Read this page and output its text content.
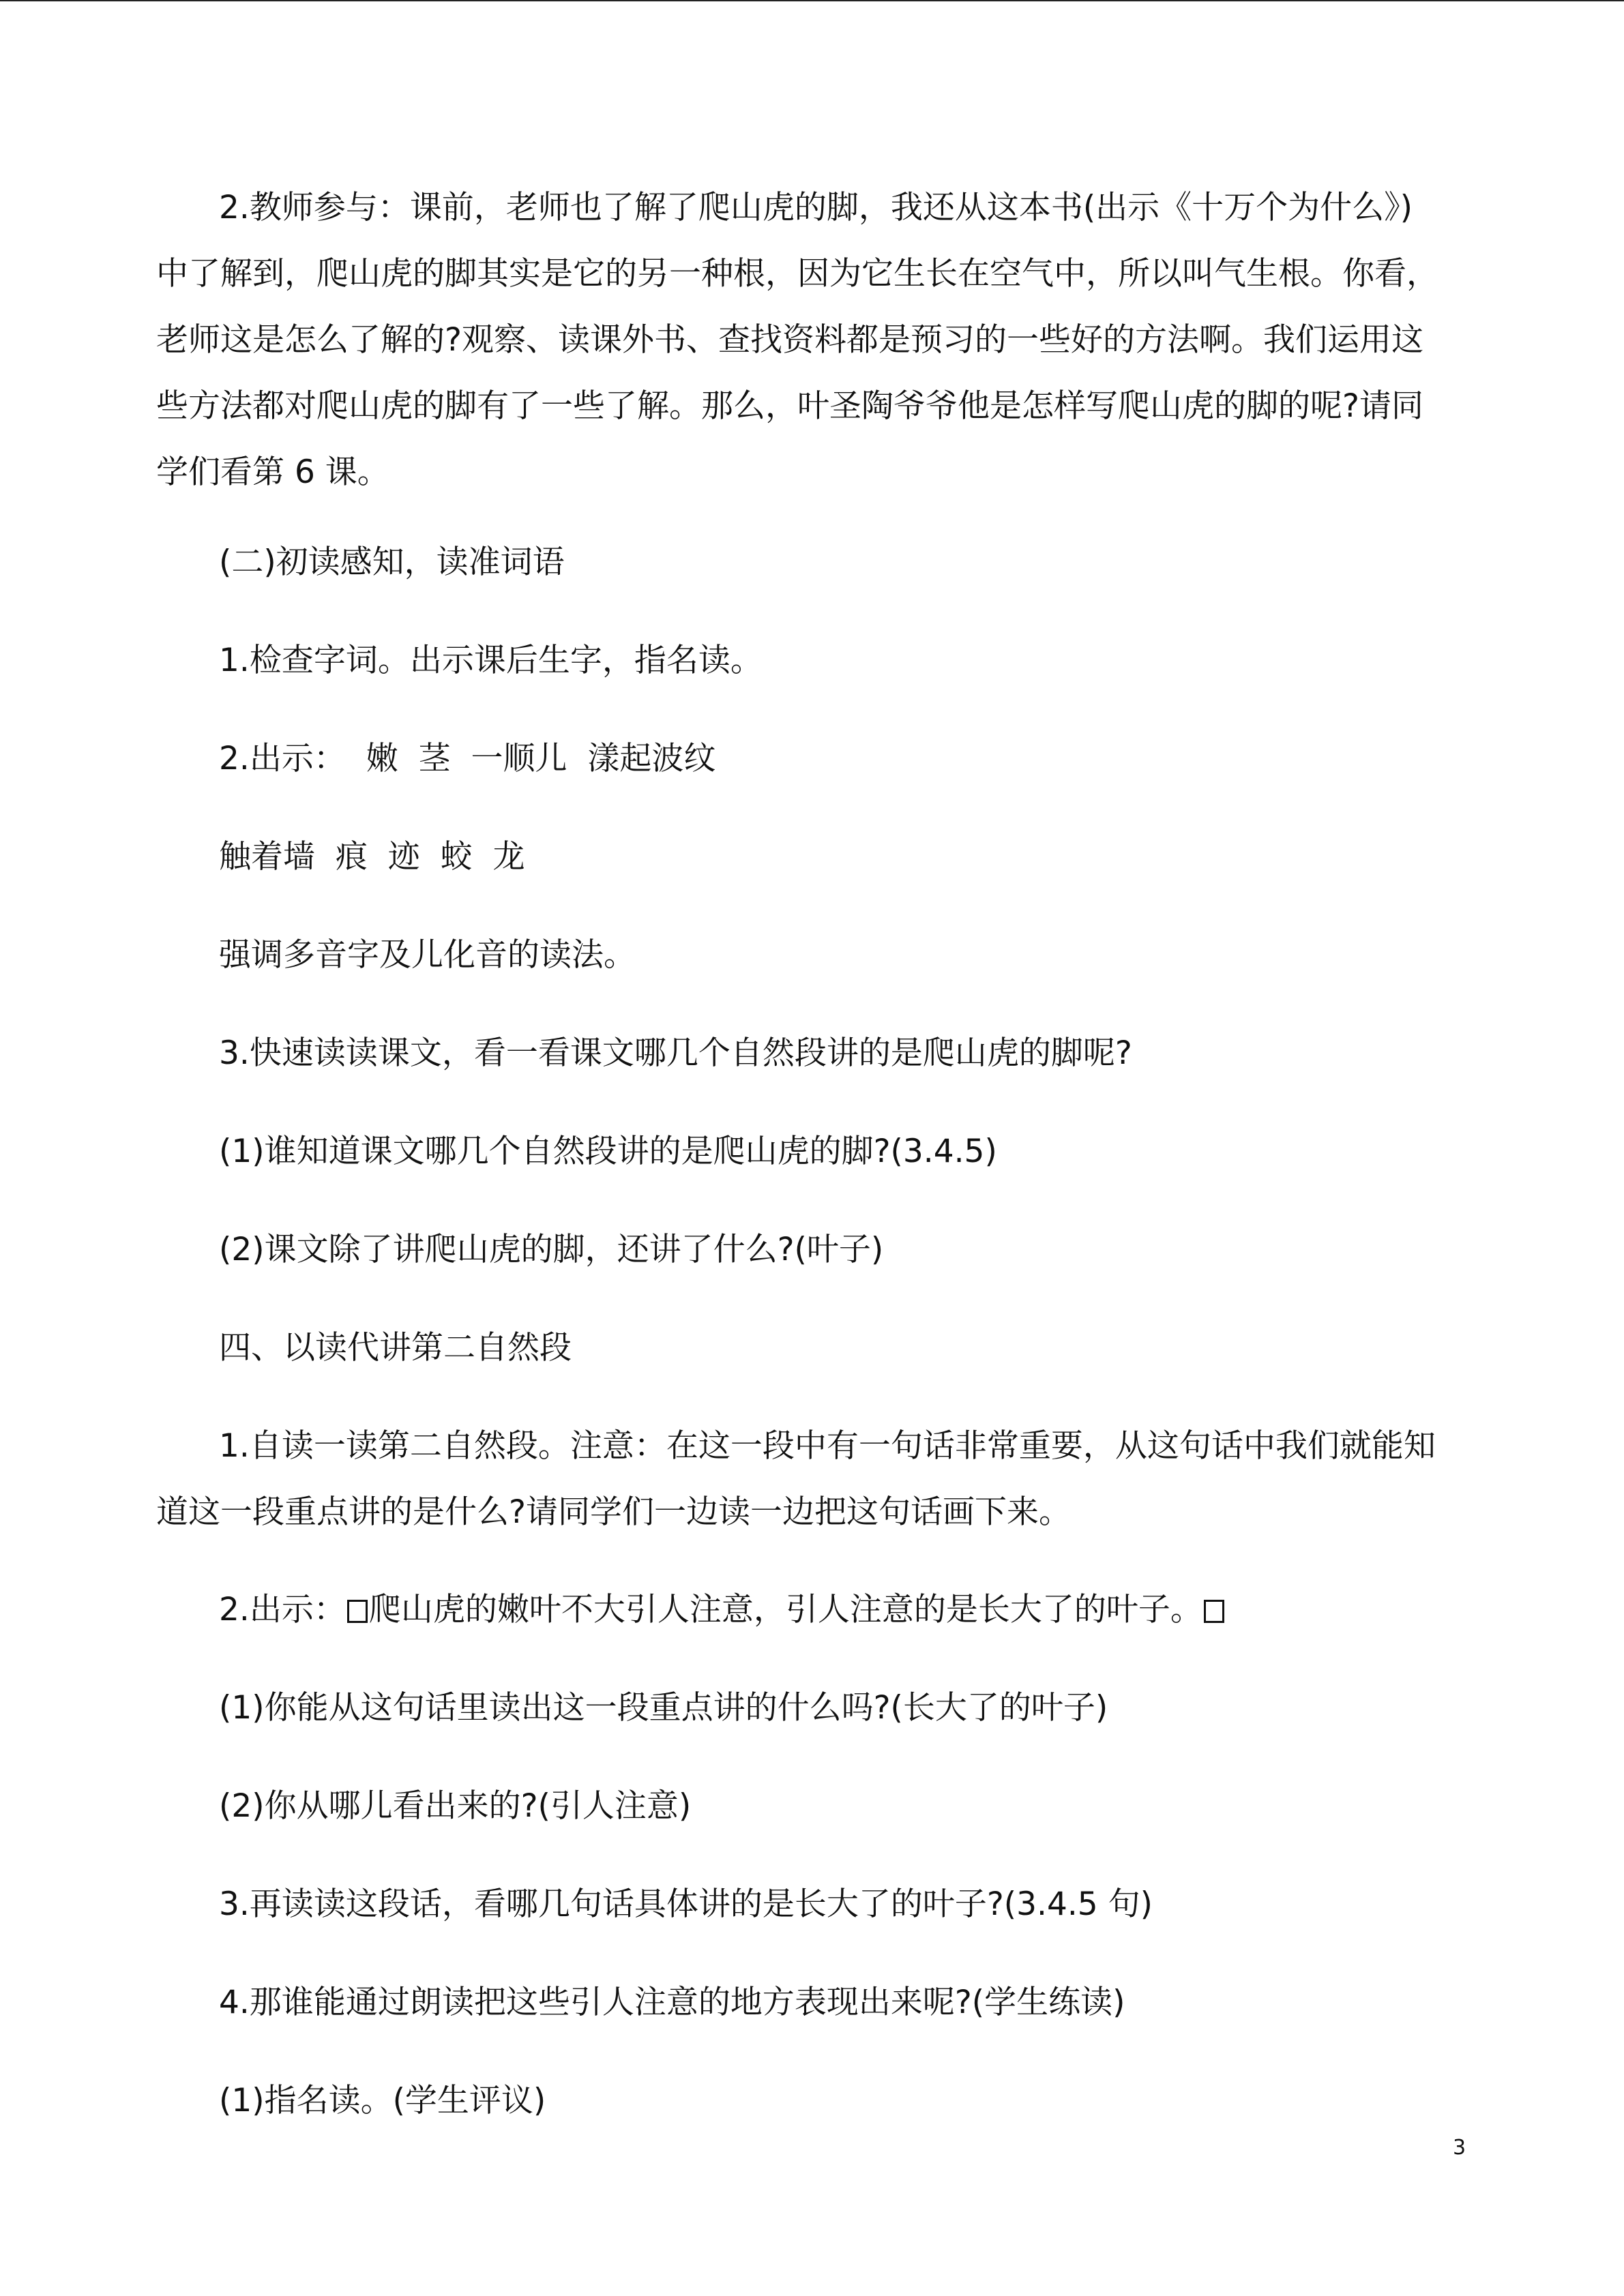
2.教师参与：课前，老师也了解了爬山虎的脚，我还从这本书(出示《十万个为什么》)
中了解到，爬山虎的脚其实是它的另一种根，因为它生长在空气中，所以叫气生根。你看，
老师这是怎么了解的?观察、读课外书、查找资料都是预习的一些好的方法啊。我们运用这
些方法都对爬山虎的脚有了一些了解。那么，叶圣陶爷爷他是怎样写爬山虎的脚的呢?请同
学们看第 6 课。
(二)初读感知，读准词语
1.检查字词。出示课后生字，指名读。
2.出示：  嫩  茎  一顺儿  漾起波纹
触着墙  痕  迹  蛟  龙
强调多音字及儿化音的读法。
3.快速读读课文，看一看课文哪几个自然段讲的是爬山虎的脚呢?
(1)谁知道课文哪几个自然段讲的是爬山虎的脚?(3.4.5)
(2)课文除了讲爬山虎的脚，还讲了什么?(叶子)
四、以读代讲第二自然段
1.自读一读第二自然段。注意：在这一段中有一句话非常重要，从这句话中我们就能知
道这一段重点讲的是什么?请同学们一边读一边把这句话画下来。
2.出示： 爬山虎的嫩叶不大引人注意，引人注意的是长大了的叶子。
(1)你能从这句话里读出这一段重点讲的什么吗?(长大了的叶子)
(2)你从哪儿看出来的?(引人注意)
3.再读读这段话，看哪几句话具体讲的是长大了的叶子?(3.4.5 句)
4.那谁能通过朗读把这些引人注意的地方表现出来呢?(学生练读)
(1)指名读。(学生评议)
3
